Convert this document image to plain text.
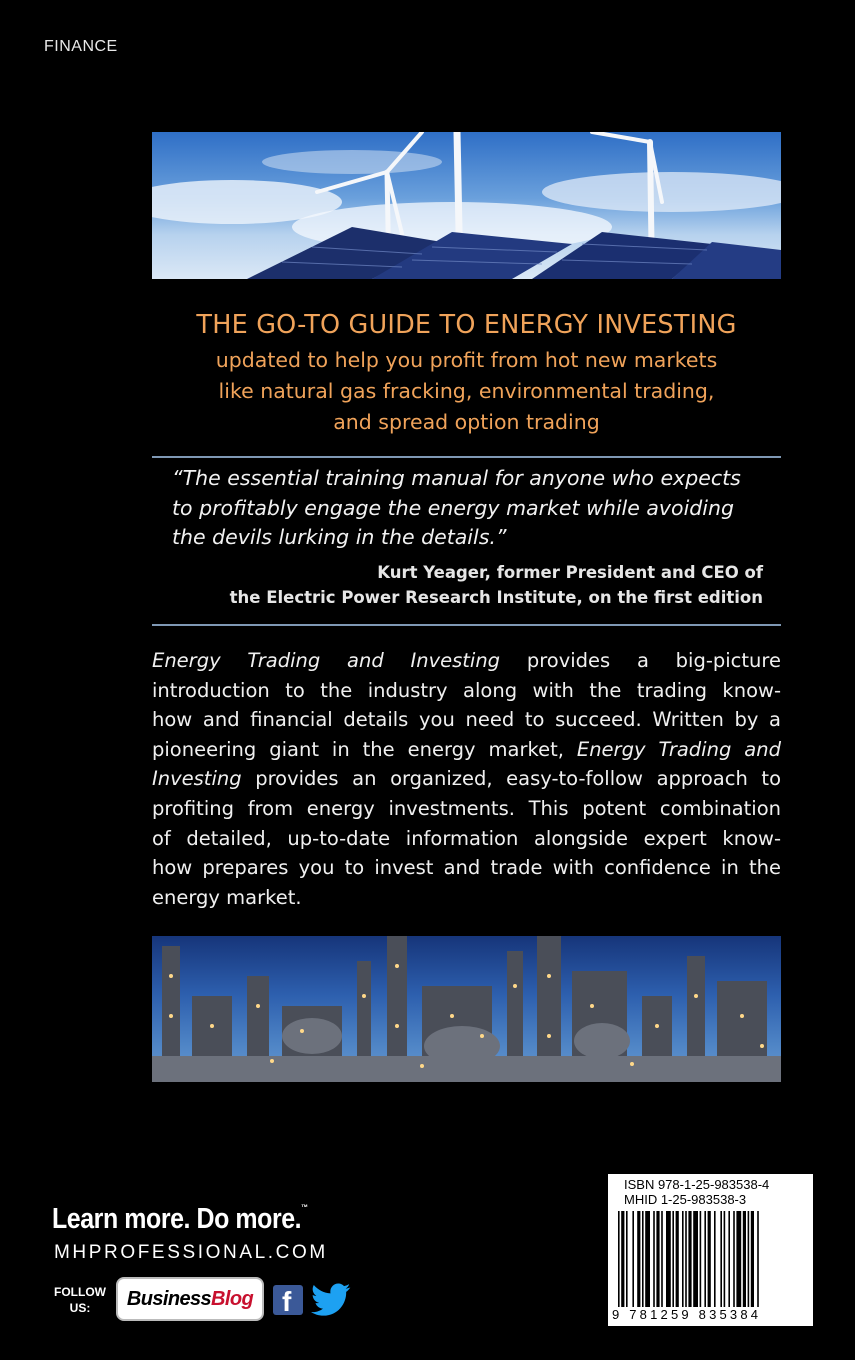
FINANCE
THE GO-TO GUIDE TO ENERGY INVESTING
updated to help you profit from hot new markets
like natural gas fracking, environmental trading,
and spread option trading
“The essential training manual for anyone who expects
to profitably engage the energy market while avoiding
the devils lurking in the details.”
Kurt Yeager, former President and CEO of
the Electric Power Research Institute, on the first edition
Energy Trading and Investing provides a big-picture
introduction to the industry along with the trading know-
how and financial details you need to succeed. Written by a
pioneering giant in the energy market, Energy Trading and
Investing provides an organized, easy-to-follow approach to
profiting from energy investments. This potent combination
of detailed, up-to-date information alongside expert know-
how prepares you to invest and trade with confidence in the
energy market.
Learn more. Do more.™
MHPROFESSIONAL.COM
FOLLOW
US:	Business Blog f
ISBN 978-1-25-983538-4
MHID 1-25-983538-3
9 781259 835384
